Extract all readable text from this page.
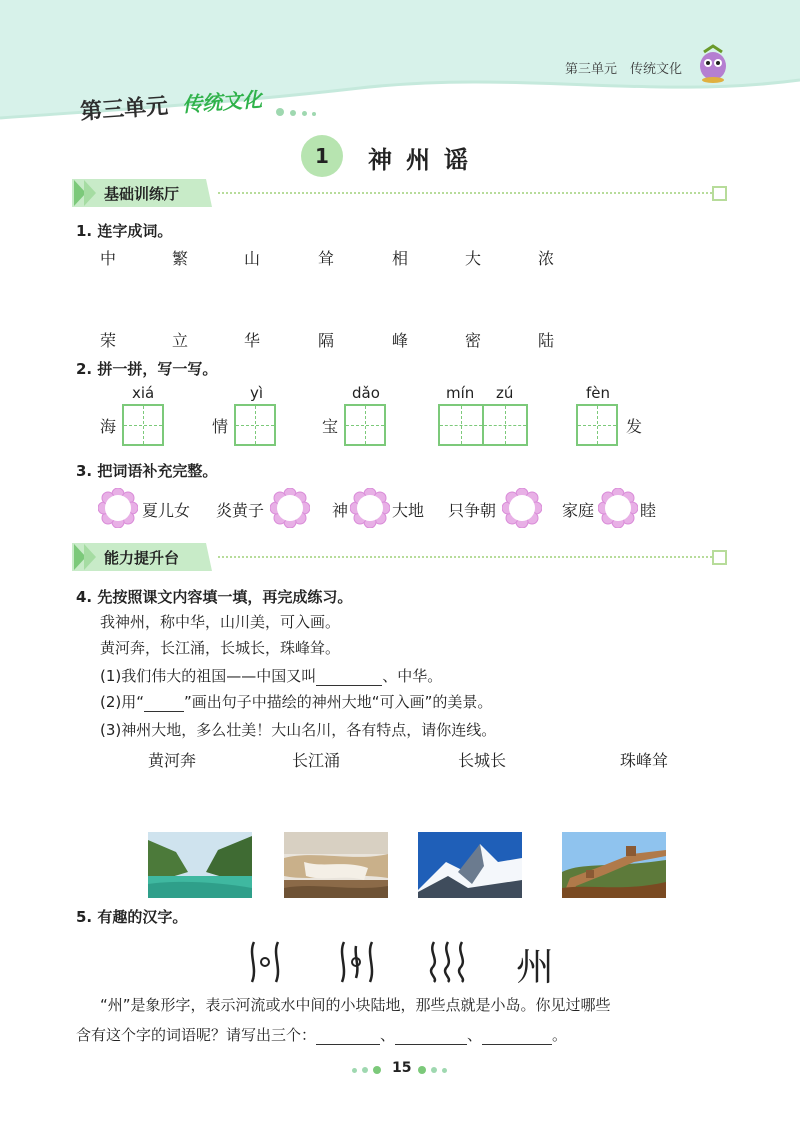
第三单元　传统文化
第三单元 传统文化
1	神州谣
基础训练厅
1. 连字成词。
中	繁	山	耸	相	大	浓
荣	立	华	隔	峰	密	陆
2. 拼一拼，写一写。
xiá	yì	dǎo	mín zú	fèn
海	情	宝	发
3. 把词语补充完整。
夏儿女 炎黄子	神	大地 只争朝	家庭	睦
能力提升台
4. 先按照课文内容填一填，再完成练习。
我神州，称中华，山川美，可入画。
黄河奔，长江涌，长城长，珠峰耸。
(1)我们伟大的祖国——中国又叫	、中华。
(2)用“	”画出句子中描绘的神州大地“可入画”的美景。
(3)神州大地，多么壮美！大山名川，各有特点，请你连线。
黄河奔	长江涌	长城长	珠峰耸
5. 有趣的汉字。
州
“州”是象形字，表示河流或水中间的小块陆地，那些点就是小岛。你见过哪些
含有这个字的词语呢？请写出三个：	、	、	。
15
